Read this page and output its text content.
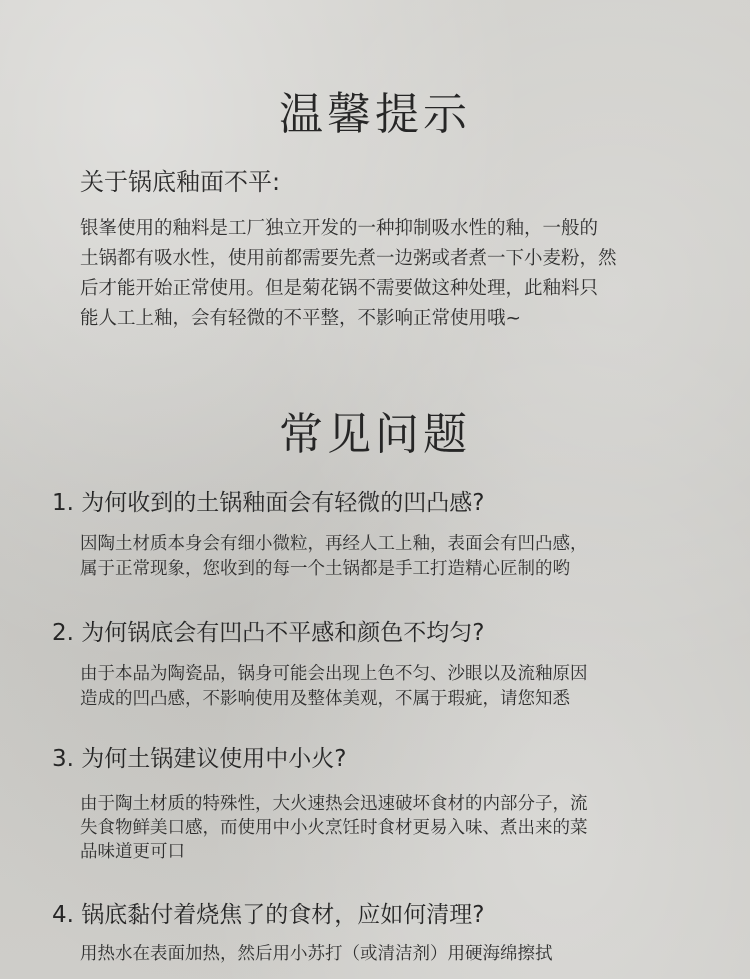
温馨提示
关于锅底釉面不平:
银峯使用的釉料是工厂独立开发的一种抑制吸水性的釉，一般的
土锅都有吸水性，使用前都需要先煮一边粥或者煮一下小麦粉，然
后才能开始正常使用。但是菊花锅不需要做这种处理，此釉料只
能人工上釉，会有轻微的不平整，不影响正常使用哦~
常见问题
1. 为何收到的土锅釉面会有轻微的凹凸感?
因陶土材质本身会有细小微粒，再经人工上釉，表面会有凹凸感，
属于正常现象，您收到的每一个土锅都是手工打造精心匠制的哟
2. 为何锅底会有凹凸不平感和颜色不均匀?
由于本品为陶瓷品，锅身可能会出现上色不匀、沙眼以及流釉原因
造成的凹凸感，不影响使用及整体美观，不属于瑕疵，请您知悉
3. 为何土锅建议使用中小火?
由于陶土材质的特殊性，大火速热会迅速破坏食材的内部分子，流
失食物鲜美口感，而使用中小火烹饪时食材更易入味、煮出来的菜
品味道更可口
4. 锅底黏付着烧焦了的食材，应如何清理?
用热水在表面加热，然后用小苏打（或清洁剂）用硬海绵擦拭
